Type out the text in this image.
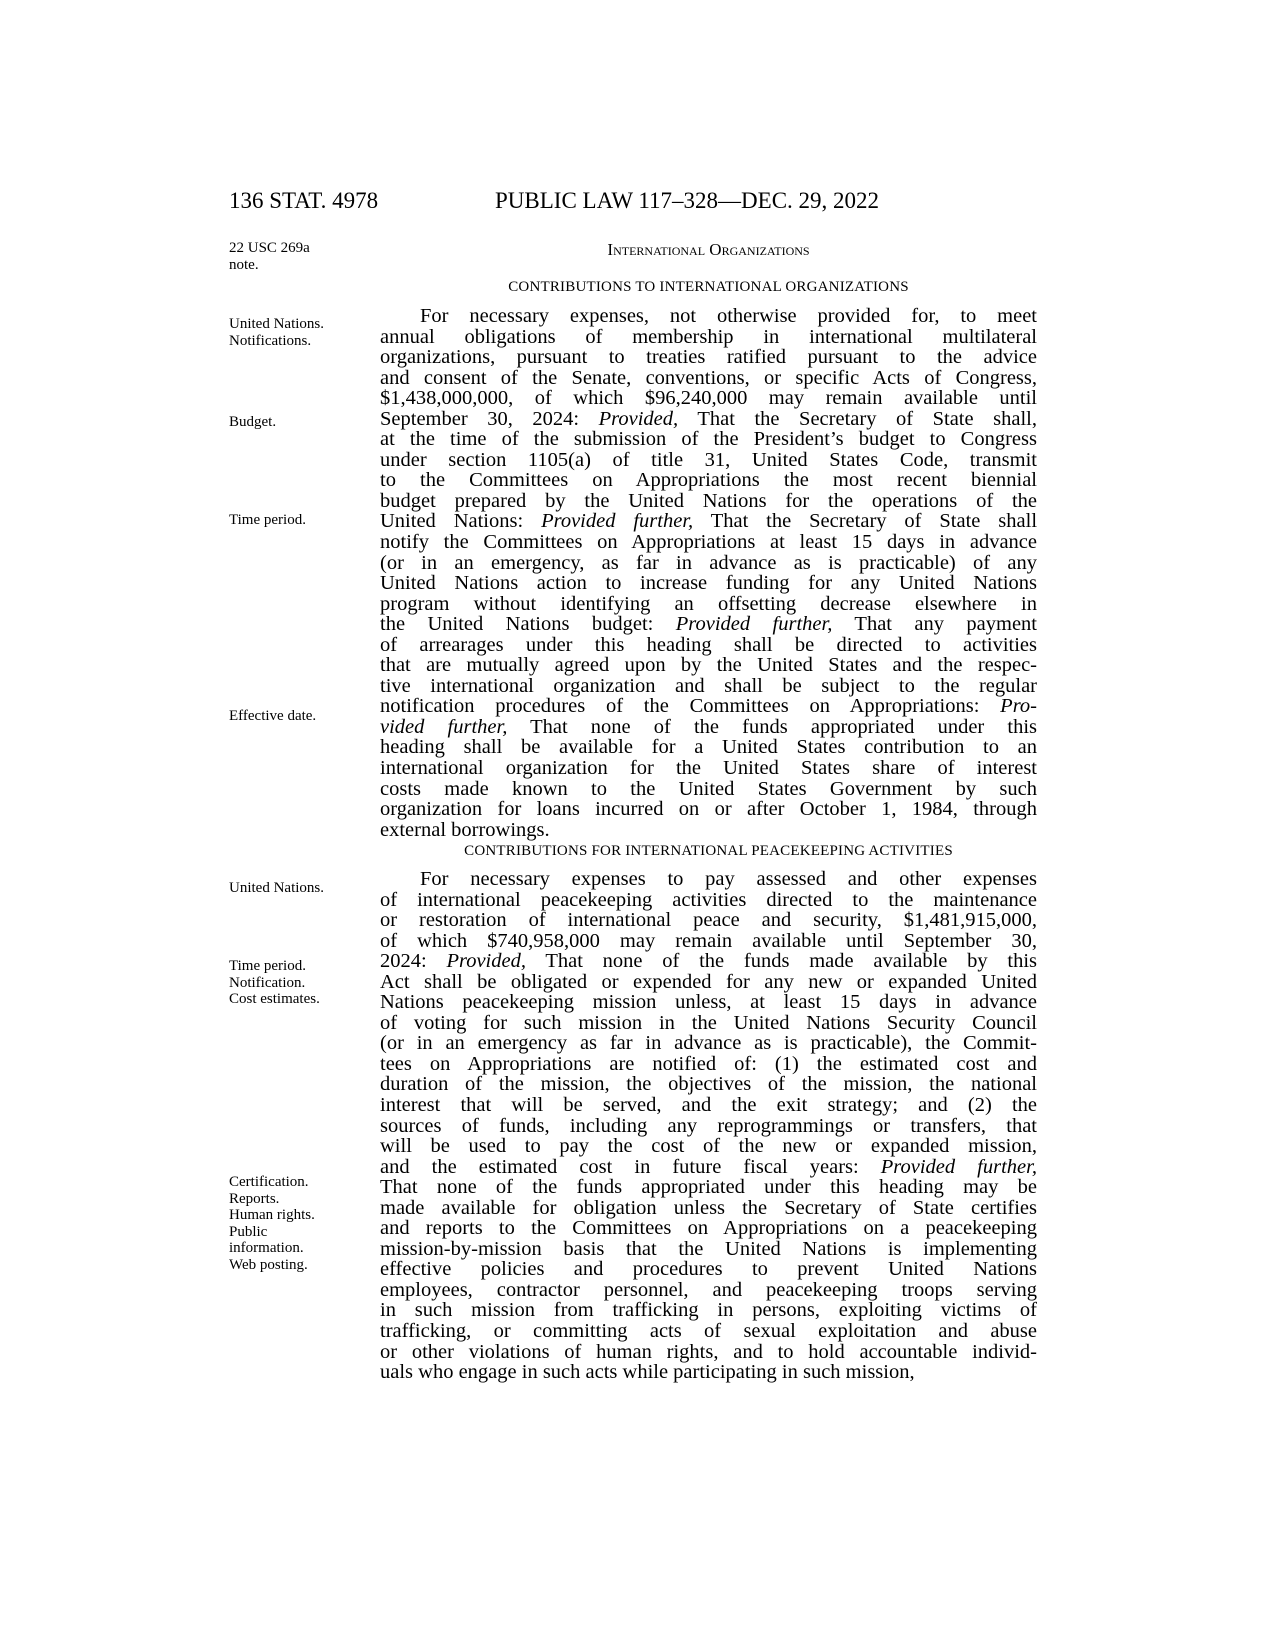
136 STAT. 4978	PUBLIC LAW 117–328—DEC. 29, 2022
22 USC 269a
note.
International Organizations
CONTRIBUTIONS TO INTERNATIONAL ORGANIZATIONS
United Nations.
Notifications.
Budget.
Time period.
Effective date.
For necessary expenses, not otherwise provided for, to meet
annual obligations of membership in international multilateral
organizations, pursuant to treaties ratified pursuant to the advice
and consent of the Senate, conventions, or specific Acts of Congress,
$1,438,000,000, of which $96,240,000 may remain available until
September 30, 2024: Provided, That the Secretary of State shall,
at the time of the submission of the President’s budget to Congress
under section 1105(a) of title 31, United States Code, transmit
to the Committees on Appropriations the most recent biennial
budget prepared by the United Nations for the operations of the
United Nations: Provided further, That the Secretary of State shall
notify the Committees on Appropriations at least 15 days in advance
(or in an emergency, as far in advance as is practicable) of any
United Nations action to increase funding for any United Nations
program without identifying an offsetting decrease elsewhere in
the United Nations budget: Provided further, That any payment
of arrearages under this heading shall be directed to activities
that are mutually agreed upon by the United States and the respec-
tive international organization and shall be subject to the regular
notification procedures of the Committees on Appropriations: Pro-
vided further, That none of the funds appropriated under this
heading shall be available for a United States contribution to an
international organization for the United States share of interest
costs made known to the United States Government by such
organization for loans incurred on or after October 1, 1984, through
external borrowings.
CONTRIBUTIONS FOR INTERNATIONAL PEACEKEEPING ACTIVITIES
United Nations.
Time period.
Notification.
Cost estimates.
Certification.
Reports.
Human rights.
Public
information.
Web posting.
For necessary expenses to pay assessed and other expenses
of international peacekeeping activities directed to the maintenance
or restoration of international peace and security, $1,481,915,000,
of which $740,958,000 may remain available until September 30,
2024: Provided, That none of the funds made available by this
Act shall be obligated or expended for any new or expanded United
Nations peacekeeping mission unless, at least 15 days in advance
of voting for such mission in the United Nations Security Council
(or in an emergency as far in advance as is practicable), the Commit-
tees on Appropriations are notified of: (1) the estimated cost and
duration of the mission, the objectives of the mission, the national
interest that will be served, and the exit strategy; and (2) the
sources of funds, including any reprogrammings or transfers, that
will be used to pay the cost of the new or expanded mission,
and the estimated cost in future fiscal years: Provided further,
That none of the funds appropriated under this heading may be
made available for obligation unless the Secretary of State certifies
and reports to the Committees on Appropriations on a peacekeeping
mission-by-mission basis that the United Nations is implementing
effective policies and procedures to prevent United Nations
employees, contractor personnel, and peacekeeping troops serving
in such mission from trafficking in persons, exploiting victims of
trafficking, or committing acts of sexual exploitation and abuse
or other violations of human rights, and to hold accountable individ-
uals who engage in such acts while participating in such mission,
